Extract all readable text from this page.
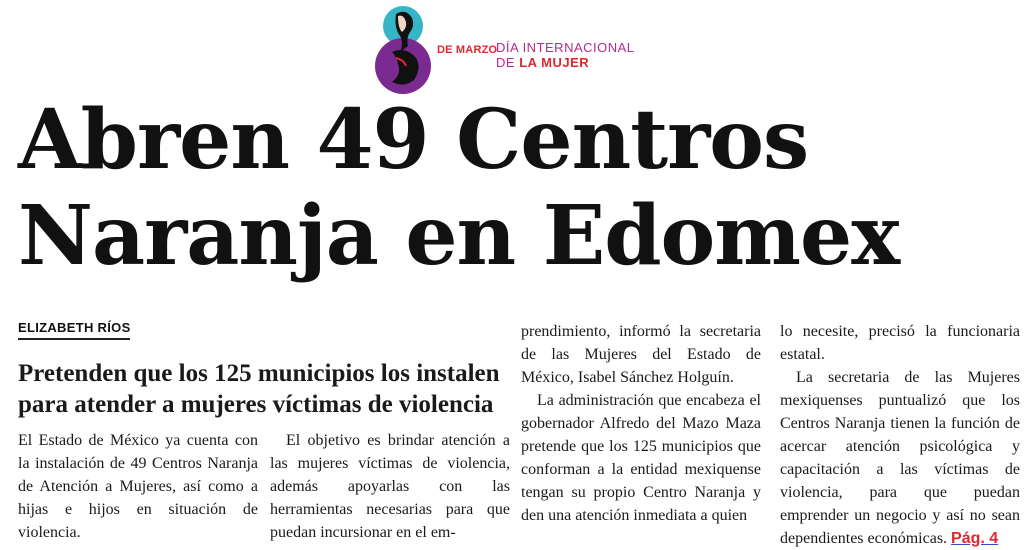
DE MARZO
DÍA INTERNACIONAL
DE LA MUJER
Abren 49 Centros
Naranja en Edomex
ELIZABETH RÍOS
Pretenden que los 125 municipios los instalen
para atender a mujeres víctimas de violencia

El Estado de México ya cuenta con la instalación de 49 Centros Naranja de Atención a Mujeres, así como a hijas e hijos en situación de violencia.

El objetivo es brindar atención a las mujeres víctimas de violencia, además apoyarlas con las herramientas necesarias para que puedan incursionar en el em-

prendimiento, informó la secretaria de las Mujeres del Estado de México, Isabel Sánchez Holguín.

La administración que encabeza el gobernador Alfredo del Mazo Maza pretende que los 125 municipios que conforman a la entidad mexiquense tengan su propio Centro Naranja y den una atención inmediata a quien

lo necesite, precisó la funcionaria estatal.

La secretaria de las Mujeres mexiquenses puntualizó que los Centros Naranja tienen la función de acercar atención psicológica y capacitación a las víctimas de violencia, para que puedan emprender un negocio y así no sean dependientes económicas. Pág. 4
